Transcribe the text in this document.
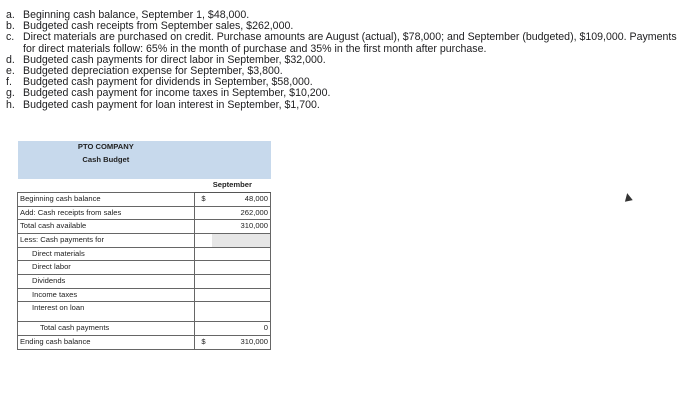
a. Beginning cash balance, September 1, $48,000.
b. Budgeted cash receipts from September sales, $262,000.
c. Direct materials are purchased on credit. Purchase amounts are August (actual), $78,000; and September (budgeted), $109,000. Payments for direct materials follow: 65% in the month of purchase and 35% in the first month after purchase.
d. Budgeted cash payments for direct labor in September, $32,000.
e. Budgeted depreciation expense for September, $3,800.
f. Budgeted cash payment for dividends in September, $58,000.
g. Budgeted cash payment for income taxes in September, $10,200.
h. Budgeted cash payment for loan interest in September, $1,700.
PTO COMPANY		
Cash Budget		

	September	
Beginning cash balance	$	48,000
Add: Cash receipts from sales		262,000
Total cash available		310,000
Less: Cash payments for		
Direct materials		
Direct labor		
Dividends		
Income taxes		
Interest on loan		
Total cash payments		0
Ending cash balance	$	310,000
